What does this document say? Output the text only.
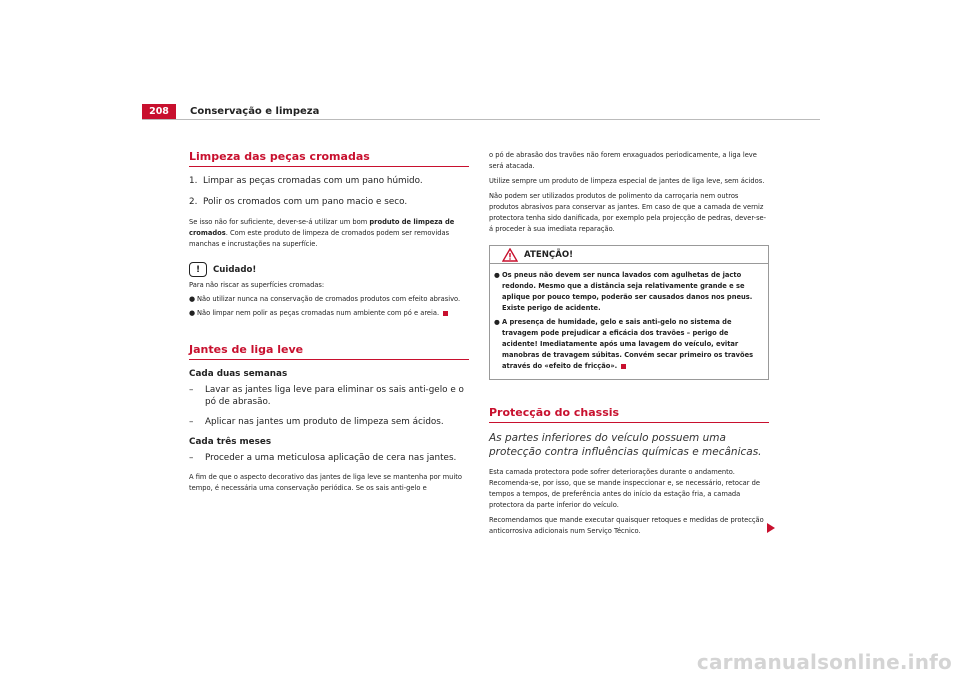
208	Conservação e limpeza
Limpeza das peças cromadas
1. Limpar as peças cromadas com um pano húmido.
2. Polir os cromados com um pano macio e seco.

Se isso não for suficiente, dever-se-á utilizar um bom produto de limpeza de cromados. Com este produto de limpeza de cromados podem ser removidas manchas e incrustações na superfície.

!	Cuidado!

Para não riscar as superfícies cromadas:

● Não utilizar nunca na conservação de cromados produtos com efeito abrasivo.
● Não limpar nem polir as peças cromadas num ambiente com pó e areia.
Jantes de liga leve
Cada duas semanas
–	Lavar as jantes liga leve para eliminar os sais anti-gelo e o pó de abrasão.
–	Aplicar nas jantes um produto de limpeza sem ácidos.
Cada três meses
–	Proceder a uma meticulosa aplicação de cera nas jantes.

A fim de que o aspecto decorativo das jantes de liga leve se mantenha por muito tempo, é necessária uma conservação periódica. Se os sais anti-gelo e

o pó de abrasão dos travões não forem enxaguados periodicamente, a liga leve será atacada.

Utilize sempre um produto de limpeza especial de jantes de liga leve, sem ácidos.

Não podem ser utilizados produtos de polimento da carroçaria nem outros produtos abrasivos para conservar as jantes. Em caso de que a camada de verniz protectora tenha sido danificada, por exemplo pela projecção de pedras, dever-se-á proceder à sua imediata reparação.

ATENÇÃO!
● Os pneus não devem ser nunca lavados com agulhetas de jacto redondo. Mesmo que a distância seja relativamente grande e se aplique por pouco tempo, poderão ser causados danos nos pneus. Existe perigo de acidente.
● A presença de humidade, gelo e sais anti-gelo no sistema de travagem pode prejudicar a eficácia dos travões – perigo de acidente! Imediatamente após uma lavagem do veículo, evitar manobras de travagem súbitas. Convém secar primeiro os travões através do «efeito de fricção».
Protecção do chassis

As partes inferiores do veículo possuem uma protecção contra influências químicas e mecânicas.

Esta camada protectora pode sofrer deteriorações durante o andamento. Recomenda-se, por isso, que se mande inspeccionar e, se necessário, retocar de tempos a tempos, de preferência antes do início da estação fria, a camada protectora da parte inferior do veículo.

Recomendamos que mande executar quaisquer retoques e medidas de protecção anticorrosiva adicionais num Serviço Técnico.

carmanualsonline.info
